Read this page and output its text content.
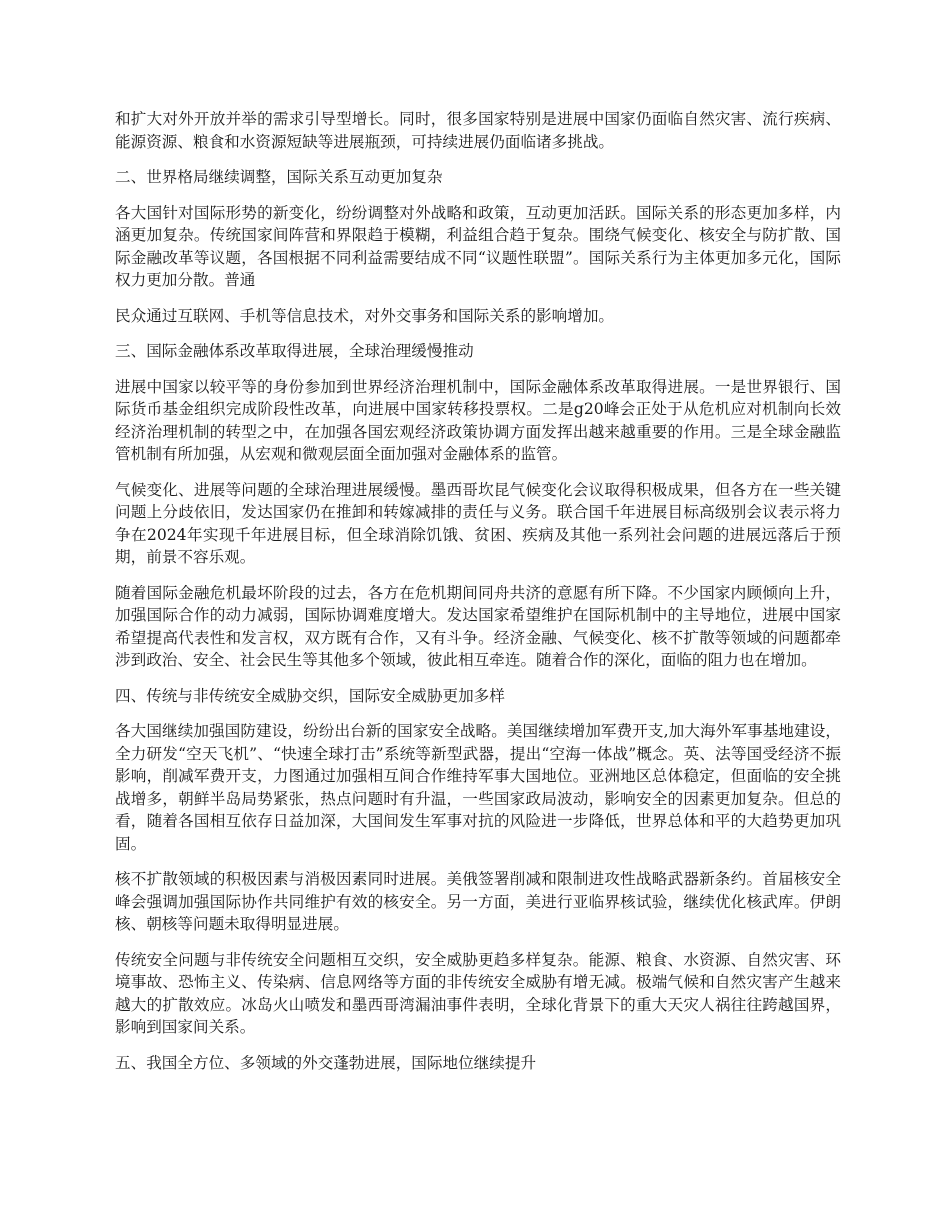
和扩大对外开放并举的需求引导型增长。同时，很多国家特别是进展中国家仍面临自然灾害、流行疾病、能源资源、粮食和水资源短缺等进展瓶颈，可持续进展仍面临诸多挑战。

二、世界格局继续调整，国际关系互动更加复杂

各大国针对国际形势的新变化，纷纷调整对外战略和政策，互动更加活跃。国际关系的形态更加多样，内涵更加复杂。传统国家间阵营和界限趋于模糊，利益组合趋于复杂。围绕气候变化、核安全与防扩散、国际金融改革等议题，各国根据不同利益需要结成不同“议题性联盟”。国际关系行为主体更加多元化，国际权力更加分散。普通

民众通过互联网、手机等信息技术，对外交事务和国际关系的影响增加。

三、国际金融体系改革取得进展，全球治理缓慢推动

进展中国家以较平等的身份参加到世界经济治理机制中，国际金融体系改革取得进展。一是世界银行、国际货币基金组织完成阶段性改革，向进展中国家转移投票权。二是g20峰会正处于从危机应对机制向长效经济治理机制的转型之中，在加强各国宏观经济政策协调方面发挥出越来越重要的作用。三是全球金融监管机制有所加强，从宏观和微观层面全面加强对金融体系的监管。

气候变化、进展等问题的全球治理进展缓慢。墨西哥坎昆气候变化会议取得积极成果，但各方在一些关键问题上分歧依旧，发达国家仍在推卸和转嫁减排的责任与义务。联合国千年进展目标高级别会议表示将力争在2024年实现千年进展目标，但全球消除饥饿、贫困、疾病及其他一系列社会问题的进展远落后于预期，前景不容乐观。

随着国际金融危机最坏阶段的过去，各方在危机期间同舟共济的意愿有所下降。不少国家内顾倾向上升，加强国际合作的动力减弱，国际协调难度增大。发达国家希望维护在国际机制中的主导地位，进展中国家希望提高代表性和发言权，双方既有合作，又有斗争。经济金融、气候变化、核不扩散等领域的问题都牵涉到政治、安全、社会民生等其他多个领域，彼此相互牵连。随着合作的深化，面临的阻力也在增加。

四、传统与非传统安全威胁交织，国际安全威胁更加多样

各大国继续加强国防建设，纷纷出台新的国家安全战略。美国继续增加军费开支,加大海外军事基地建设，全力研发“空天飞机”、“快速全球打击”系统等新型武器，提出“空海一体战”概念。英、法等国受经济不振影响，削减军费开支，力图通过加强相互间合作维持军事大国地位。亚洲地区总体稳定，但面临的安全挑战增多，朝鲜半岛局势紧张，热点问题时有升温，一些国家政局波动，影响安全的因素更加复杂。但总的看，随着各国相互依存日益加深，大国间发生军事对抗的风险进一步降低，世界总体和平的大趋势更加巩固。

核不扩散领域的积极因素与消极因素同时进展。美俄签署削减和限制进攻性战略武器新条约。首届核安全峰会强调加强国际协作共同维护有效的核安全。另一方面，美进行亚临界核试验，继续优化核武库。伊朗核、朝核等问题未取得明显进展。

传统安全问题与非传统安全问题相互交织，安全威胁更趋多样复杂。能源、粮食、水资源、自然灾害、环境事故、恐怖主义、传染病、信息网络等方面的非传统安全威胁有增无减。极端气候和自然灾害产生越来越大的扩散效应。冰岛火山喷发和墨西哥湾漏油事件表明，全球化背景下的重大天灾人祸往往跨越国界，影响到国家间关系。

五、我国全方位、多领域的外交蓬勃进展，国际地位继续提升
